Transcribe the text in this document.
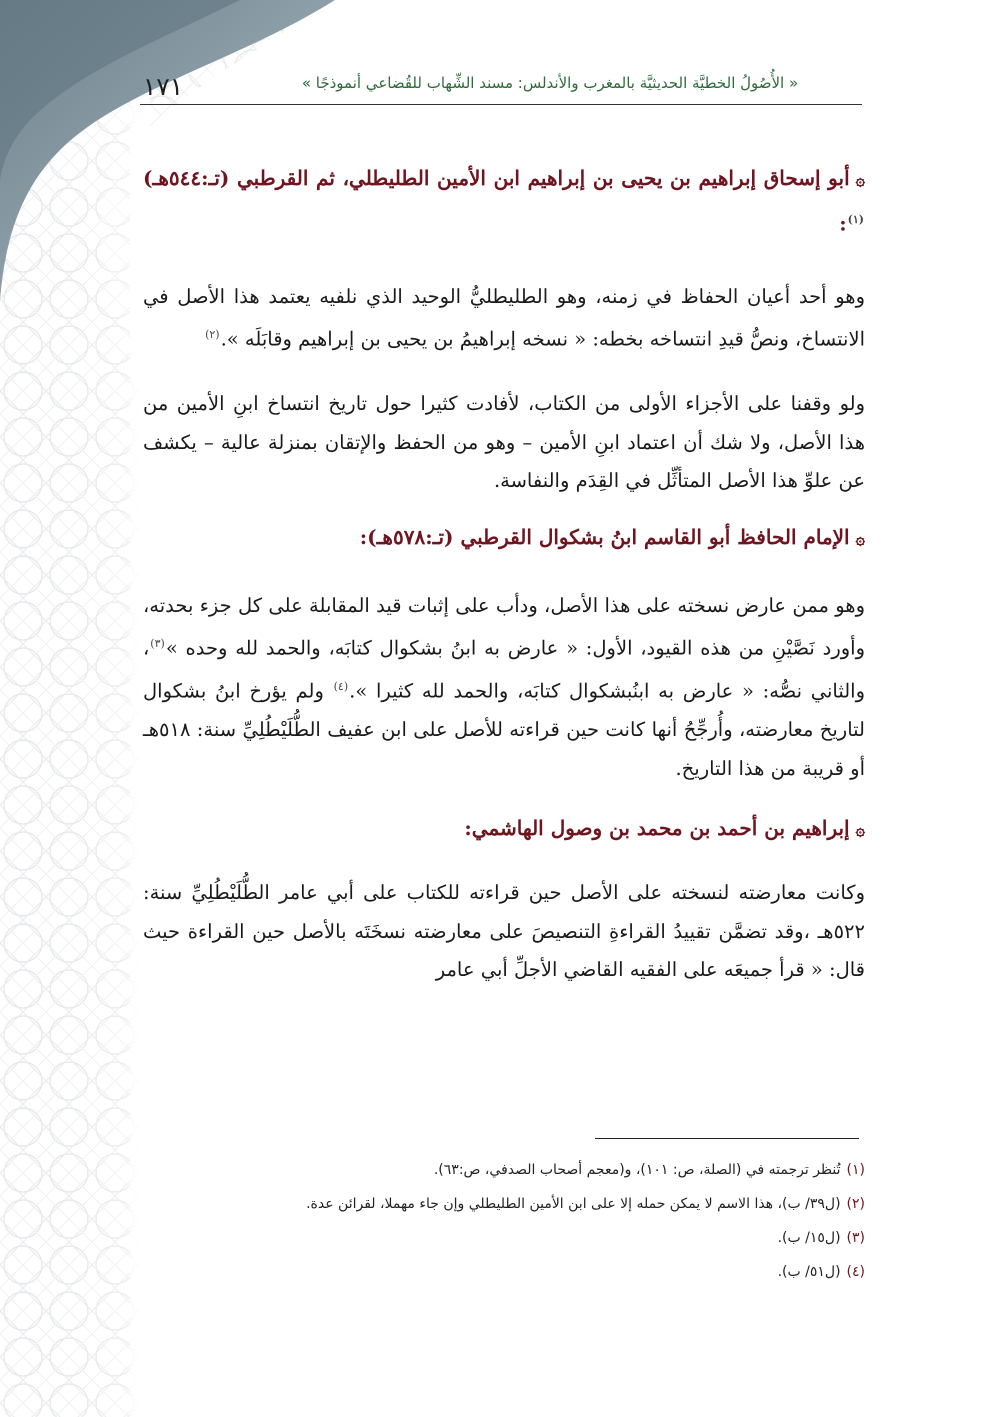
١٧١	« الأُصُولُ الخطيَّة الحديثيَّة بالمغرب والأندلس: مسند الشِّهاب للقُضاعي أنموذجًا »

۞أبو إسحاق إبراهيم بن يحيى بن إبراهيم ابن الأمين الطليطلي، ثم القرطبي (تـ:٥٤٤هـ)$^{(١)}$:

وهو أحد أعيان الحفاظ في زمنه، وهو الطليطليُّ الوحيد الذي نلفيه يعتمد هذا الأصل في الانتساخ، ونصُّ قيدِ انتساخه بخطه: « نسخه إبراهيمُ بن يحيى بن إبراهيم وقابَلَه ».$^{(٢)}$

ولو وقفنا على الأجزاء الأولى من الكتاب، لأفادت كثيرا حول تاريخ انتساخ ابنِ الأمين من هذا الأصل، ولا شك أن اعتماد ابنِ الأمين – وهو من الحفظ والإتقان بمنزلة عالية – يكشف عن علوِّ هذا الأصل المتأثِّل في القِدَم والنفاسة.

۞الإمام الحافظ أبو القاسم ابنُ بشكوال القرطبي (تـ:٥٧٨هـ):

وهو ممن عارض نسخته على هذا الأصل، ودأب على إثبات قيد المقابلة على كل جزء بحدته، وأورد نَصَّيْنِ من هذه القيود، الأول: « عارض به ابنُ بشكوال كتابَه، والحمد لله وحده »$^{(٣)}$، والثاني نصُّه: « عارض به ابنُبشكوال كتابَه، والحمد لله كثيرا ».$^{(٤)}$ ولم يؤرخ ابنُ بشكوال لتاريخ معارضته، وأُرجِّحُ أنها كانت حين قراءته للأصل على ابن عفيف الطُّلَيْطُلِيِّ سنة: ٥١٨هـ أو قريبة من هذا التاريخ.

۞إبراهيم بن أحمد بن محمد بن وصول الهاشمي:

وكانت معارضته لنسخته على الأصل حين قراءته للكتاب على أبي عامر الطُّلَيْطُلِيِّ سنة: ٥٢٢هـ ،وقد تضمَّن تقييدُ القراءةِ التنصيصَ على معارضته نسخَتَه بالأصل حين القراءة حيث قال: « قرأ جميعَه على الفقيه القاضي الأجلِّ أبي عامر

(١)تُنظر ترجمته في (الصلة، ص: ١٠١)، و(معجم أصحاب الصدفي، ص:٦٣).

(٢)(ل٣٩/ ب)، هذا الاسم لا يمكن حمله إلا على ابن الأمين الطليطلي وإن جاء مهملا، لقرائن عدة.

(٣)(ل١٥/ ب).

(٤)(ل٥١/ ب).
